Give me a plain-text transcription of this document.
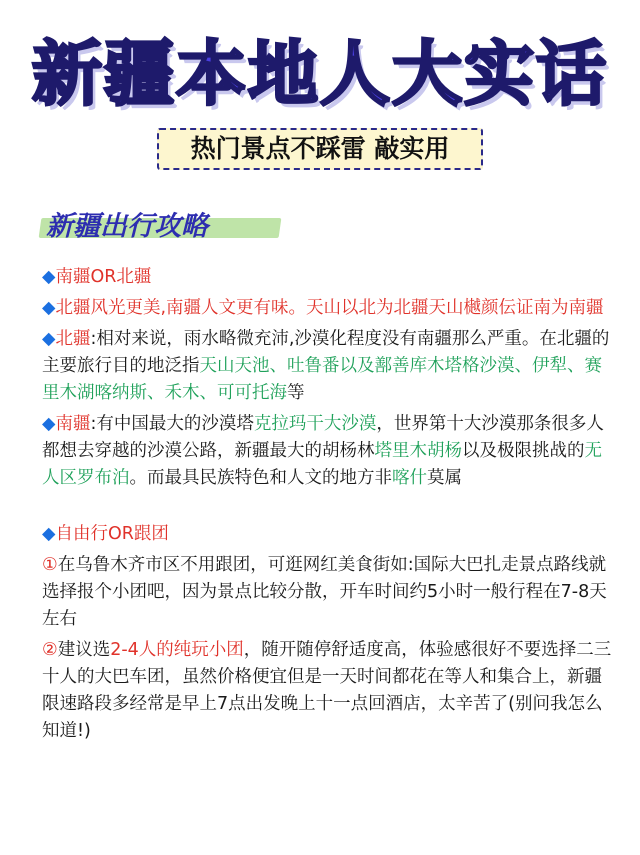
新疆本地人大实话
热门景点不踩雷 敲实用
新疆出行攻略

◆南疆OR北疆

◆北疆风光更美,南疆人文更有味。天山以北为北疆天山樾颜伝证南为南疆

◆北疆:相对来说，雨水略微充沛,沙漠化程度没有南疆那么严重。在北疆的主要旅行目的地泛指天山天池、吐鲁番以及鄯善库木塔格沙漠、伊犁、赛里木湖喀纳斯、禾木、可可托海等

◆南疆:有中国最大的沙漠塔克拉玛干大沙漠，世界第十大沙漠那条很多人都想去穿越的沙漠公路，新疆最大的胡杨林塔里木胡杨以及极限挑战的无人区罗布泊。而最具民族特色和人文的地方非喀什莫属

◆自由行OR跟团

①在乌鲁木齐市区不用跟团，可逛网红美食街如:国际大巴扎走景点路线就选择报个小团吧，因为景点比较分散，开车时间约5小时一般行程在7-8天左右

②建议选2-4人的纯玩小团，随开随停舒适度高，体验感很好不要选择二三十人的大巴车团，虽然价格便宜但是一天时间都花在等人和集合上，新疆限速路段多经常是早上7点出发晚上十一点回酒店，太辛苦了(别问我怎么知道!)
